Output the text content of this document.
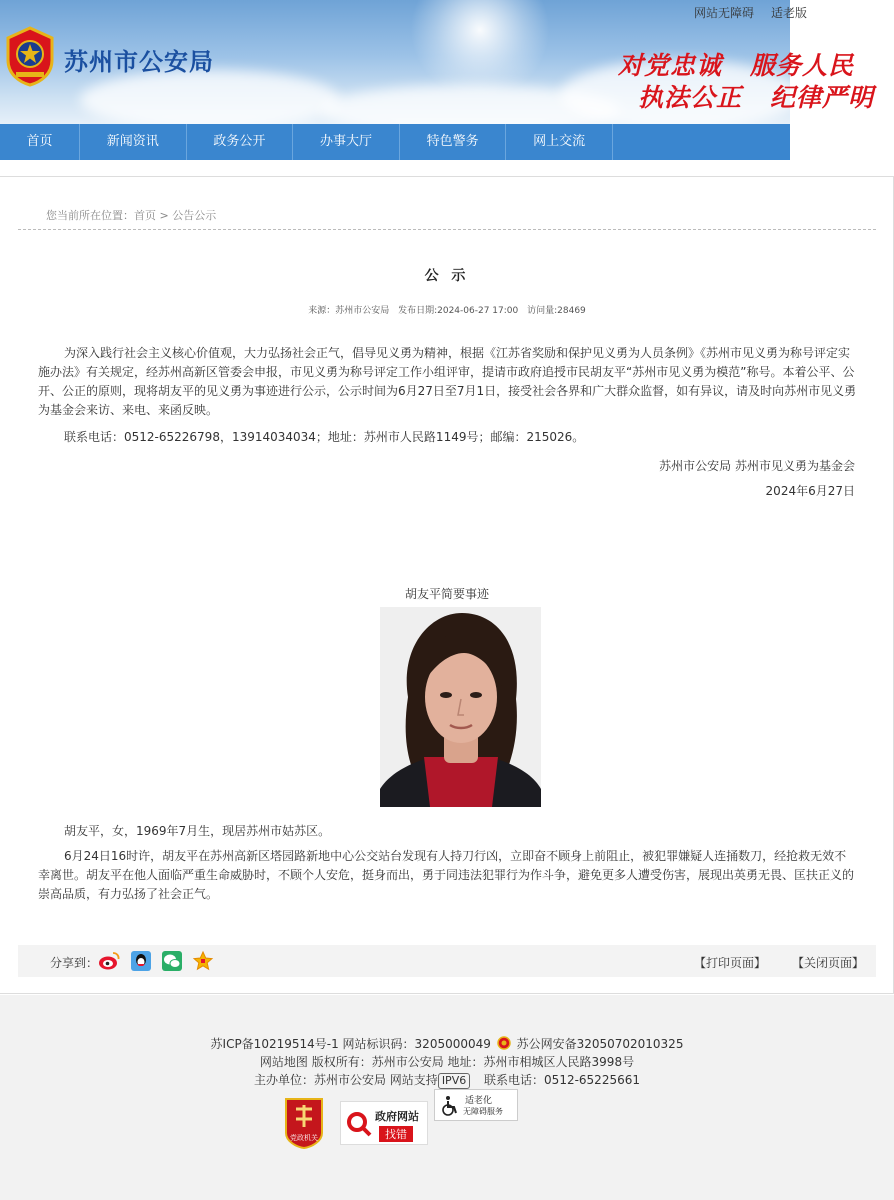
苏州市公安局	对党忠诚 服务人民
执法公正 纪律严明
网站无障碍 适老版
首页	新闻资讯	政务公开	办事大厅	特色警务	网上交流
您当前所在位置：首页 > 公告公示
公 示
来源：苏州市公安局 发布日期:2024-06-27 17:00 访问量:28469
为深入践行社会主义核心价值观，大力弘扬社会正气，倡导见义勇为精神，根据《江苏省奖励和保护见义勇为人员条例》《苏州市见义勇为称号评定实施办法》有关规定，经苏州高新区管委会申报，市见义勇为称号评定工作小组评审，提请市政府追授市民胡友平“苏州市见义勇为模范”称号。本着公平、公开、公正的原则，现将胡友平的见义勇为事迹进行公示，公示时间为6月27日至7月1日，接受社会各界和广大群众监督，如有异议，请及时向苏州市见义勇为基金会来访、来电、来函反映。
联系电话：0512-65226798，13914034034；地址：苏州市人民路1149号；邮编：215026。
苏州市公安局 苏州市见义勇为基金会
2024年6月27日
胡友平简要事迹
胡友平，女，1969年7月生，现居苏州市姑苏区。
6月24日16时许，胡友平在苏州高新区塔园路新地中心公交站台发现有人持刀行凶，立即奋不顾身上前阻止，被犯罪嫌疑人连捅数刀，经抢救无效不幸离世。胡友平在他人面临严重生命威胁时，不顾个人安危，挺身而出，勇于同违法犯罪行为作斗争，避免更多人遭受伤害，展现出英勇无畏、匡扶正义的崇高品质，有力弘扬了社会正气。
分享到：	【打印页面】 【关闭页面】
苏ICP备10219514号-1 网站标识码：3205000049 苏公网安备32050702010325
网站地图 版权所有：苏州市公安局 地址：苏州市相城区人民路3998号
主办单位：苏州市公安局 网站支持 IPV6 联系电话：0512-65225661
党政机关
政府网站
找错
适老化
无障碍服务
